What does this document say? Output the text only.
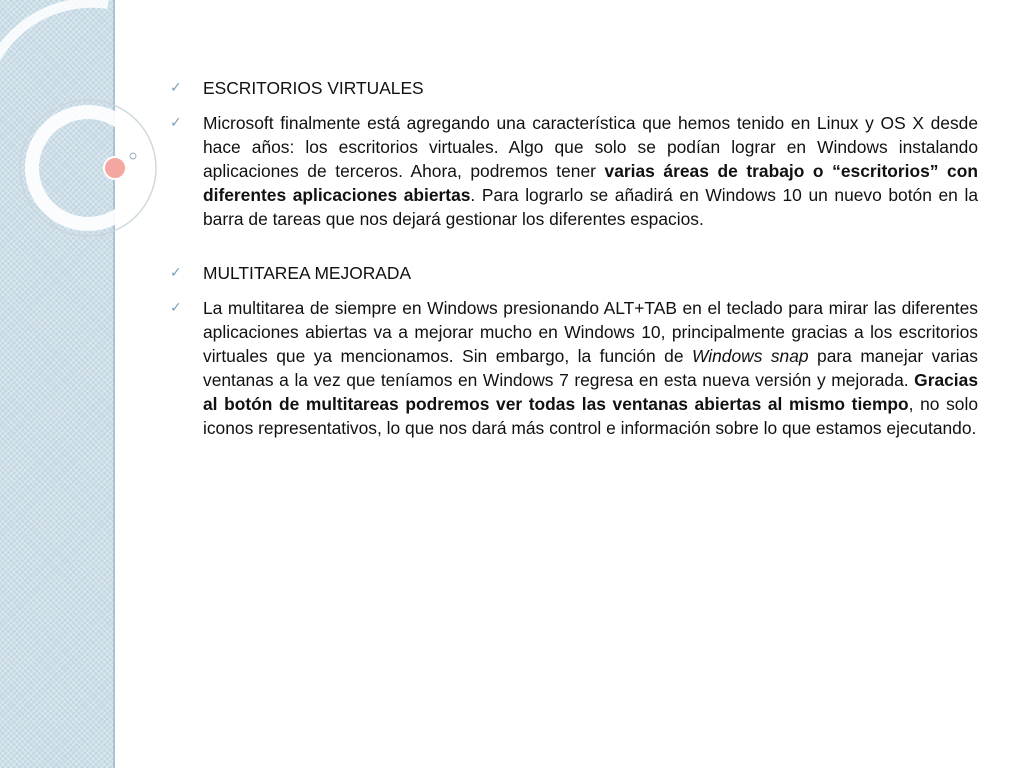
✓ ESCRITORIOS VIRTUALES

✓ Microsoft finalmente está agregando una característica que hemos tenido en Linux y OS X desde hace años: los escritorios virtuales. Algo que solo se podían lograr en Windows instalando aplicaciones de terceros. Ahora, podremos tener varias áreas de trabajo o “escritorios” con diferentes aplicaciones abiertas. Para lograrlo se añadirá en Windows 10 un nuevo botón en la barra de tareas que nos dejará gestionar los diferentes espacios.

✓ MULTITAREA MEJORADA

✓ La multitarea de siempre en Windows presionando ALT+TAB en el teclado para mirar las diferentes aplicaciones abiertas va a mejorar mucho en Windows 10, principalmente gracias a los escritorios virtuales que ya mencionamos. Sin embargo, la función de Windows snap para manejar varias ventanas a la vez que teníamos en Windows 7 regresa en esta nueva versión y mejorada. Gracias al botón de multitareas podremos ver todas las ventanas abiertas al mismo tiempo, no solo iconos representativos, lo que nos dará más control e información sobre lo que estamos ejecutando.
